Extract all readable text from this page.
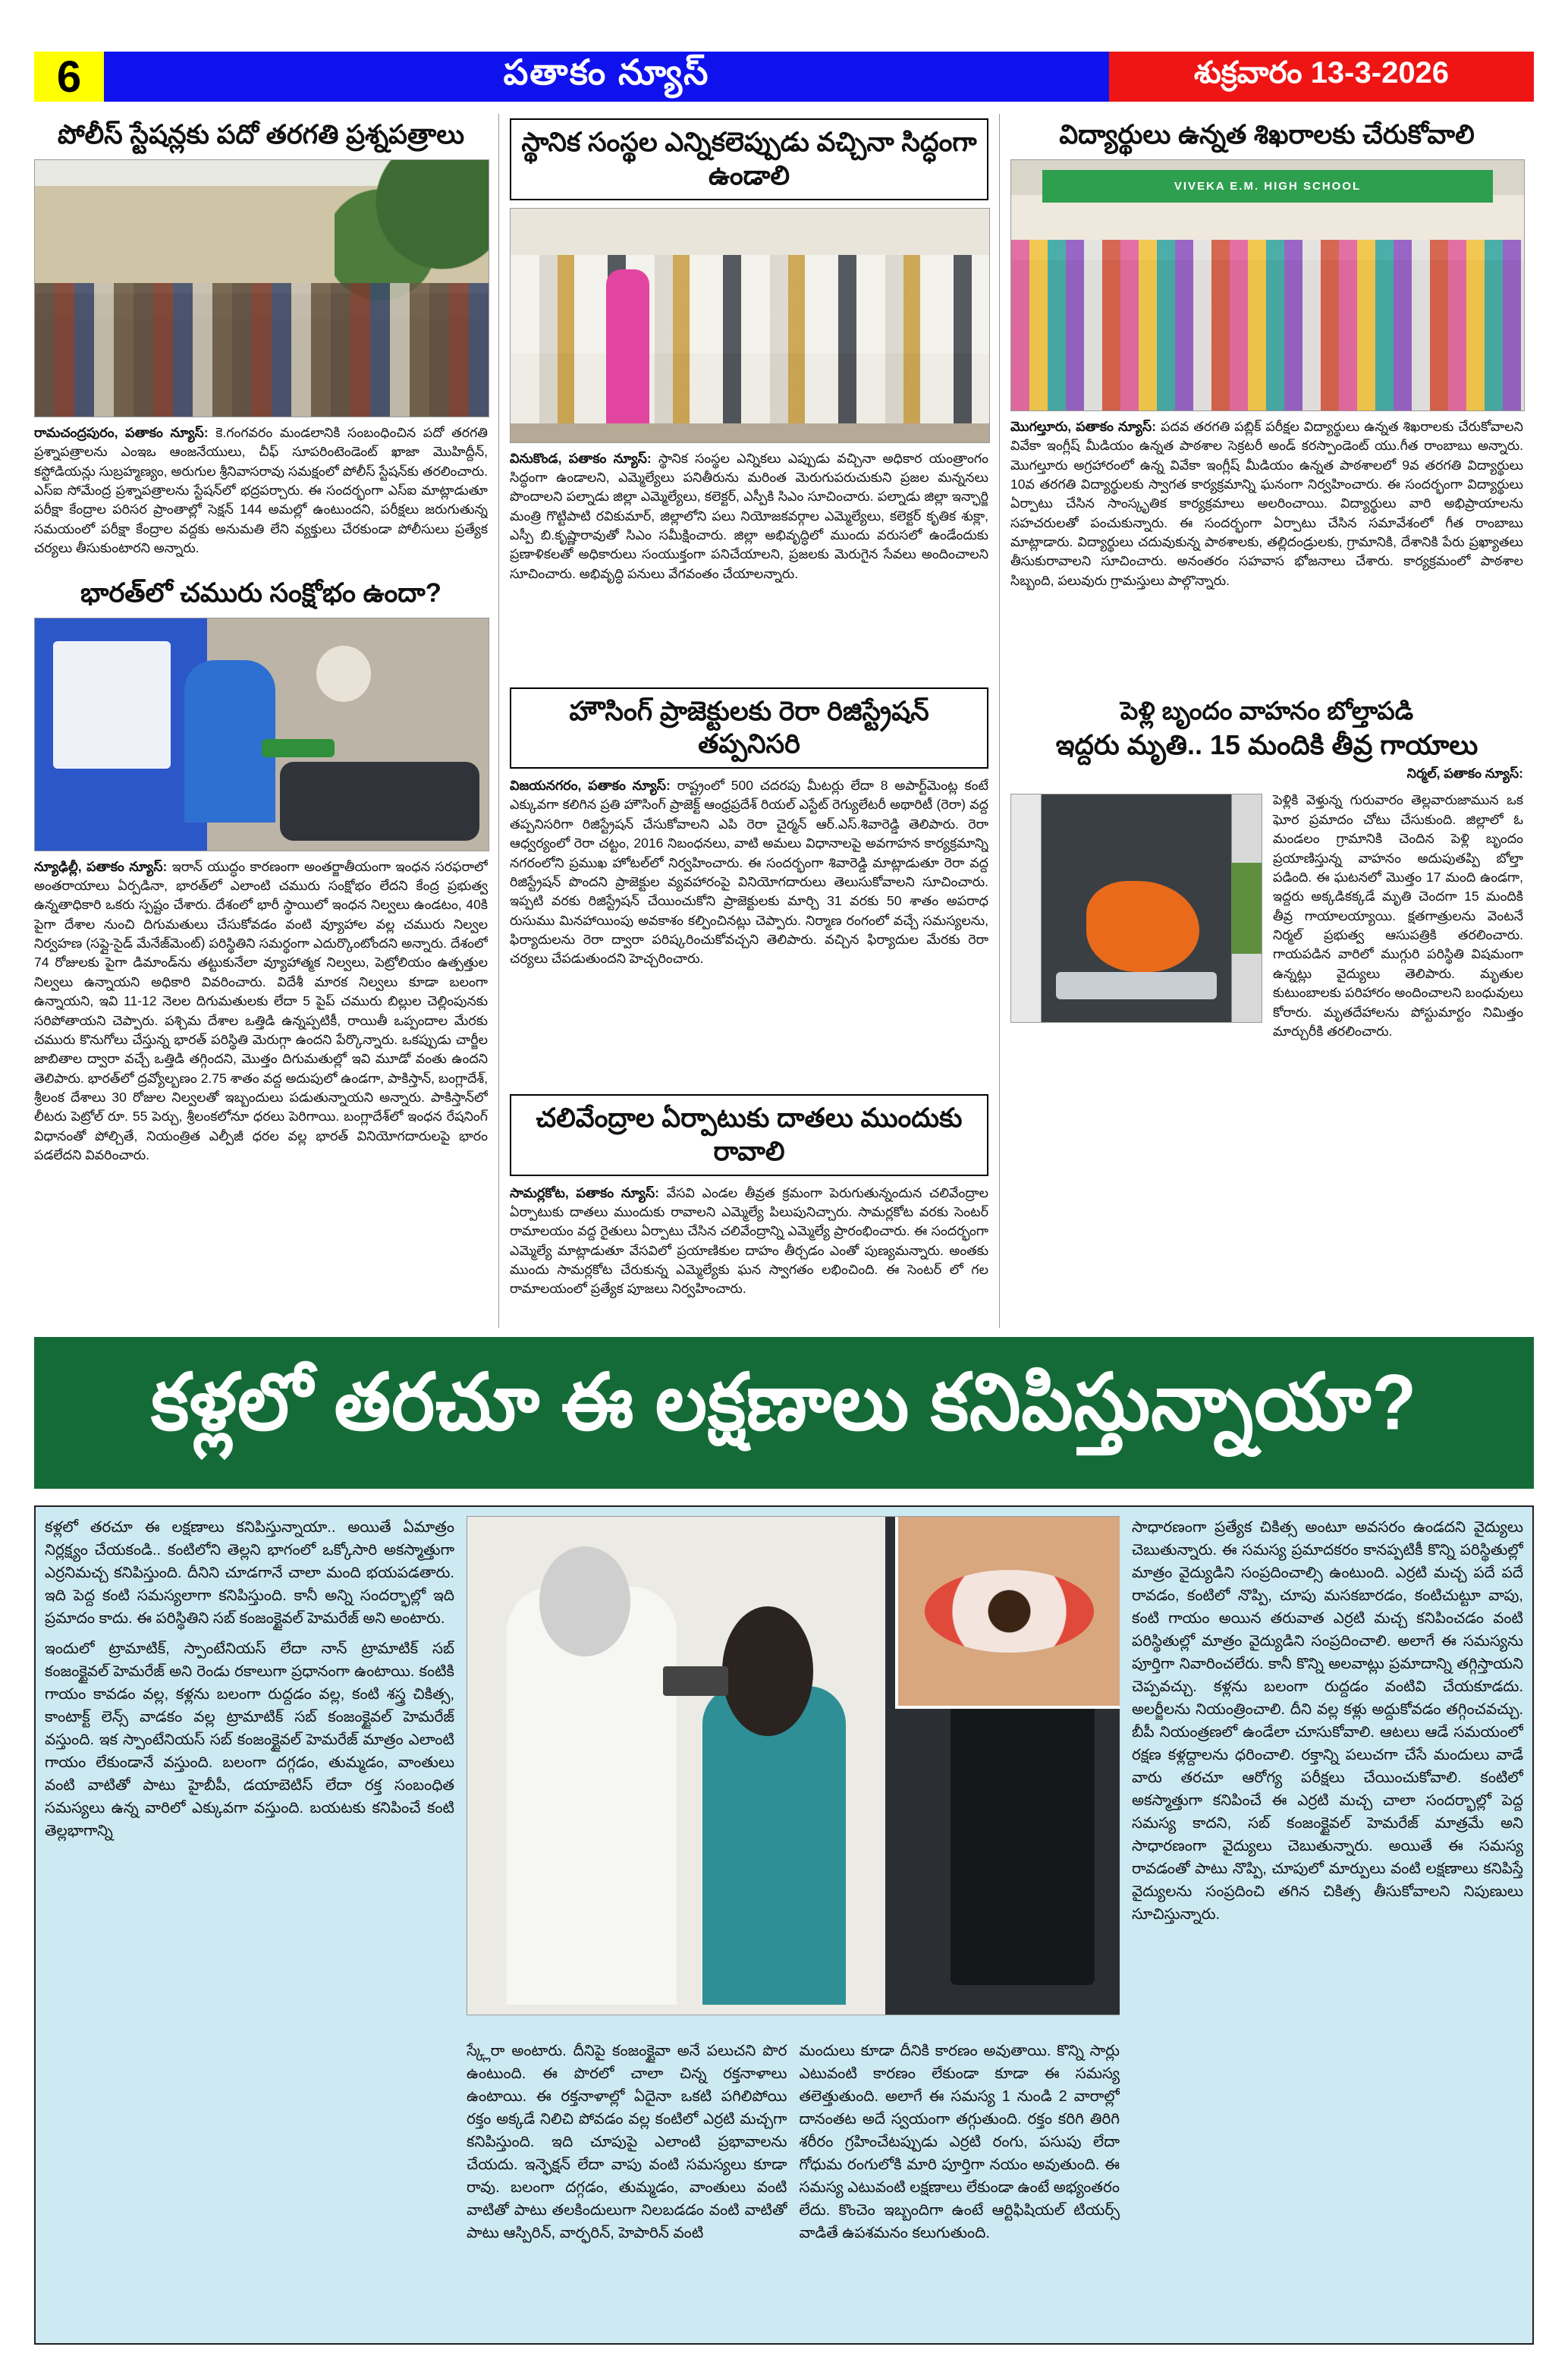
6	పతాకం న్యూస్	శుక్రవారం 13-3-2026
పోలీస్ స్టేషన్లకు పదో తరగతి ప్రశ్నపత్రాలు

రామచంద్రపురం, పతాకం న్యూస్: కె.గంగవరం మండలానికి సంబంధించిన పదో తరగతి ప్రశ్నాపత్రాలను ఎంఇఒ ఆంజనేయులు, చీఫ్ సూపరింటెండెంట్ ఖాజా మొహిద్దీన్, కస్టోడియన్లు సుబ్రహ్మణ్యం, అరుగుల శ్రీనివాసరావు సమక్షంలో పోలీస్ స్టేషన్‌కు తరలించారు. ఎస్ఐ సోమేంద్ర ప్రశ్నాపత్రాలను స్టేషన్‌లో భద్రపర్చారు. ఈ సందర్భంగా ఎస్ఐ మాట్లాడుతూ పరీక్షా కేంద్రాల పరిసర ప్రాంతాల్లో సెక్షన్ 144 అమల్లో ఉంటుందని, పరీక్షలు జరుగుతున్న సమయంలో పరీక్షా కేంద్రాల వద్దకు అనుమతి లేని వ్యక్తులు చేరకుండా పోలీసులు ప్రత్యేక చర్యలు తీసుకుంటారని అన్నారు.

భారత్‌లో చమురు సంక్షోభం ఉందా?

న్యూఢిల్లీ, పతాకం న్యూస్: ఇరాన్ యుద్ధం కారణంగా అంతర్జాతీయంగా ఇంధన సరఫరాలో అంతరాయాలు ఏర్పడినా, భారత్‌లో ఎలాంటి చమురు సంక్షోభం లేదని కేంద్ర ప్రభుత్వ ఉన్నతాధికారి ఒకరు స్పష్టం చేశారు. దేశంలో భారీ స్థాయిలో ఇంధన నిల్వలు ఉండటం, 40కి పైగా దేశాల నుంచి దిగుమతులు చేసుకోవడం వంటి వ్యూహాల వల్ల చమురు నిల్వల నిర్వహణ (సప్లై-సైడ్ మేనేజ్‌మెంట్) పరిస్థితిని సమర్థంగా ఎదుర్కొంటోందని అన్నారు. దేశంలో 74 రోజులకు పైగా డిమాండ్‌ను తట్టుకునేలా వ్యూహాత్మక నిల్వలు, పెట్రోలియం ఉత్పత్తుల నిల్వలు ఉన్నాయని అధికారి వివరించారు. విదేశీ మారక నిల్వలు కూడా బలంగా ఉన్నాయని, ఇవి 11-12 నెలల దిగుమతులకు లేదా 5 పైప్ చమురు బిల్లుల చెల్లింపునకు సరిపోతాయని చెప్పారు. పశ్చిమ దేశాల ఒత్తిడి ఉన్నప్పటికీ, రాయితీ ఒప్పందాల మేరకు చమురు కొనుగోలు చేస్తున్న భారత్ పరిస్థితి మెరుగ్గా ఉందని పేర్కొన్నారు. ఒకప్పుడు చార్జీల జాబితాల ద్వారా వచ్చే ఒత్తిడి తగ్గిందని, మొత్తం దిగుమతుల్లో ఇవి మూడో వంతు ఉందని తెలిపారు. భారత్‌లో ద్రవ్యోల్బణం 2.75 శాతం వద్ద అదుపులో ఉండగా, పాకిస్తాన్, బంగ్లాదేశ్, శ్రీలంక దేశాలు 30 రోజుల నిల్వలతో ఇబ్బందులు పడుతున్నాయని అన్నారు. పాకిస్తాన్‌లో లీటరు పెట్రోల్ రూ. 55 పెర్చు, శ్రీలంకలోనూ ధరలు పెరిగాయి. బంగ్లాదేశ్‌లో ఇంధన రేషనింగ్ విధానంతో పోల్చితే, నియంత్రిత ఎల్పీజీ ధరల వల్ల భారత్ వినియోగదారులపై భారం పడలేదని వివరించారు.

స్థానిక సంస్థల ఎన్నికలెప్పుడు వచ్చినా సిద్ధంగా ఉండాలి

వినుకొండ, పతాకం న్యూస్: స్థానిక సంస్థల ఎన్నికలు ఎప్పుడు వచ్చినా అధికార యంత్రాంగం సిద్ధంగా ఉండాలని, ఎమ్మెల్యేలు పనితీరును మరింత మెరుగుపరుచుకుని ప్రజల మన్ననలు పొందాలని పల్నాడు జిల్లా ఎమ్మెల్యేలు, కలెక్టర్, ఎస్పీకి సిఎం సూచించారు. పల్నాడు జిల్లా ఇన్ఛార్జి మంత్రి గొట్టిపాటి రవికుమార్, జిల్లాలోని పలు నియోజకవర్గాల ఎమ్మెల్యేలు, కలెక్టర్ కృతిక శుక్లా, ఎస్పీ బి.కృష్ణారావుతో సిఎం సమీక్షించారు. జిల్లా అభివృద్ధిలో ముందు వరుసలో ఉండేందుకు ప్రణాళికలతో అధికారులు సంయుక్తంగా పనిచేయాలని, ప్రజలకు మెరుగైన సేవలు అందించాలని సూచించారు. అభివృద్ధి పనులు వేగవంతం చేయాలన్నారు.

హౌసింగ్ ప్రాజెక్టులకు రెరా రిజిస్ట్రేషన్ తప్పనిసరి

విజయనగరం, పతాకం న్యూస్: రాష్ట్రంలో 500 చదరపు మీటర్లు లేదా 8 అపార్ట్‌మెంట్ల కంటే ఎక్కువగా కలిగిన ప్రతి హౌసింగ్ ప్రాజెక్ట్ ఆంధ్రప్రదేశ్ రియల్ ఎస్టేట్ రెగ్యులేటరీ అథారిటీ (రెరా) వద్ద తప్పనిసరిగా రిజిస్ట్రేషన్ చేసుకోవాలని ఎపి రెరా చైర్మన్ ఆర్.ఎస్.శివారెడ్డి తెలిపారు. రెరా ఆధ్వర్యంలో రెరా చట్టం, 2016 నిబంధనలు, వాటి అమలు విధానాలపై అవగాహన కార్యక్రమాన్ని నగరంలోని ప్రముఖ హోటల్‌లో నిర్వహించారు. ఈ సందర్భంగా శివారెడ్డి మాట్లాడుతూ రెరా వద్ద రిజిస్ట్రేషన్ పొందని ప్రాజెక్టుల వ్యవహారంపై వినియోగదారులు తెలుసుకోవాలని సూచించారు. ఇప్పటి వరకు రిజిస్ట్రేషన్ చేయించుకోని ప్రాజెక్టులకు మార్చి 31 వరకు 50 శాతం అపరాధ రుసుము మినహాయింపు అవకాశం కల్పించినట్లు చెప్పారు. నిర్మాణ రంగంలో వచ్చే సమస్యలను, ఫిర్యాదులను రెరా ద్వారా పరిష్కరించుకోవచ్చని తెలిపారు. వచ్చిన ఫిర్యాదుల మేరకు రెరా చర్యలు చేపడుతుందని హెచ్చరించారు.

చలివేంద్రాల ఏర్పాటుకు దాతలు ముందుకు రావాలి

సామర్లకోట, పతాకం న్యూస్: వేసవి ఎండల తీవ్రత క్రమంగా పెరుగుతున్నందున చలివేంద్రాల ఏర్పాటుకు దాతలు ముందుకు రావాలని ఎమ్మెల్యే పిలుపునిచ్చారు. సామర్లకోట వరకు సెంటర్ రామాలయం వద్ద రైతులు ఏర్పాటు చేసిన చలివేంద్రాన్ని ఎమ్మెల్యే ప్రారంభించారు. ఈ సందర్భంగా ఎమ్మెల్యే మాట్లాడుతూ వేసవిలో ప్రయాణికుల దాహం తీర్చడం ఎంతో పుణ్యమన్నారు. అంతకు ముందు సామర్లకోట చేరుకున్న ఎమ్మెల్యేకు ఘన స్వాగతం లభించింది. ఈ సెంటర్ లో గల రామాలయంలో ప్రత్యేక పూజలు నిర్వహించారు.

విద్యార్థులు ఉన్నత శిఖరాలకు చేరుకోవాలి
VIVEKA E.M. HIGH SCHOOL

మొగల్తూరు, పతాకం న్యూస్: పదవ తరగతి పబ్లిక్ పరీక్షల విద్యార్థులు ఉన్నత శిఖరాలకు చేరుకోవాలని వివేకా ఇంగ్లీష్ మీడియం ఉన్నత పాఠశాల సెక్రటరీ అండ్ కరస్పాండెంట్ యు.గీత రాంబాబు అన్నారు. మొగల్తూరు అగ్రహారంలో ఉన్న వివేకా ఇంగ్లీష్ మీడియం ఉన్నత పాఠశాలలో 9వ తరగతి విద్యార్థులు 10వ తరగతి విద్యార్థులకు స్వాగత కార్యక్రమాన్ని ఘనంగా నిర్వహించారు. ఈ సందర్భంగా విద్యార్థులు ఏర్పాటు చేసిన సాంస్కృతిక కార్యక్రమాలు అలరించాయి. విద్యార్థులు వారి అభిప్రాయాలను సహచరులతో పంచుకున్నారు. ఈ సందర్భంగా ఏర్పాటు చేసిన సమావేశంలో గీత రాంబాబు మాట్లాడారు. విద్యార్థులు చదువుకున్న పాఠశాలకు, తల్లిదండ్రులకు, గ్రామానికి, దేశానికి పేరు ప్రఖ్యాతలు తీసుకురావాలని సూచించారు. అనంతరం సహవాస భోజనాలు చేశారు. కార్యక్రమంలో పాఠశాల సిబ్బంది, పలువురు గ్రామస్తులు పాల్గొన్నారు.

పెళ్లి బృందం వాహనం బోల్తాపడి
ఇద్దరు మృతి.. 15 మందికి తీవ్ర గాయాలు
నిర్మల్, పతాకం న్యూస్:
పెళ్లికి వెళ్తున్న గురువారం తెల్లవారుజామున ఒక ఘోర ప్రమాదం చోటు చేసుకుంది. జిల్లాలో ఓ మండలం గ్రామానికి చెందిన పెళ్లి బృందం ప్రయాణిస్తున్న వాహనం అదుపుతప్పి బోల్తా పడింది. ఈ ఘటనలో మొత్తం 17 మంది ఉండగా, ఇద్దరు అక్కడికక్కడే మృతి చెందగా 15 మందికి తీవ్ర గాయాలయ్యాయి. క్షతగాత్రులను వెంటనే నిర్మల్ ప్రభుత్వ ఆసుపత్రికి తరలించారు. గాయపడిన వారిలో ముగ్గురి పరిస్థితి విషమంగా ఉన్నట్లు వైద్యులు తెలిపారు. మృతుల కుటుంబాలకు పరిహారం అందించాలని బంధువులు కోరారు. మృతదేహాలను పోస్టుమార్టం నిమిత్తం మార్చురీకి తరలించారు.
కళ్లలో తరచూ ఈ లక్షణాలు కనిపిస్తున్నాయా?

కళ్లలో తరచూ ఈ లక్షణాలు కనిపిస్తున్నాయా.. అయితే ఏమాత్రం నిర్లక్ష్యం చేయకండి.. కంటిలోని తెల్లని భాగంలో ఒక్కోసారి అకస్మాత్తుగా ఎర్రనిమచ్చ కనిపిస్తుంది. దీనిని చూడగానే చాలా మంది భయపడతారు. ఇది పెద్ద కంటి సమస్యలాగా కనిపిస్తుంది. కానీ అన్ని సందర్భాల్లో ఇది ప్రమాదం కాదు. ఈ పరిస్థితిని సబ్ కంజంక్టైవల్ హెమరేజ్ అని అంటారు.

ఇందులో ట్రామాటిక్, స్పాంటేనియస్ లేదా నాన్ ట్రామాటిక్ సబ్ కంజంక్టైవల్ హెమరేజ్ అని రెండు రకాలుగా ప్రధానంగా ఉంటాయి. కంటికి గాయం కావడం వల్ల, కళ్లను బలంగా రుద్దడం వల్ల, కంటి శస్త్ర చికిత్స, కాంటాక్ట్ లెన్స్ వాడకం వల్ల ట్రామాటిక్ సబ్ కంజంక్టైవల్ హెమరేజ్ వస్తుంది. ఇక స్పాంటేనియస్ సబ్ కంజంక్టైవల్ హెమరేజ్ మాత్రం ఎలాంటి గాయం లేకుండానే వస్తుంది. బలంగా దగ్గడం, తుమ్మడం, వాంతులు వంటి వాటితో పాటు హైబీపీ, డయాబెటిస్ లేదా రక్త సంబంధిత సమస్యలు ఉన్న వారిలో ఎక్కువగా వస్తుంది. బయటకు కనిపించే కంటి తెల్లభాగాన్ని

స్క్లేరా అంటారు. దీనిపై కంజంక్టైవా అనే పలుచని పొర ఉంటుంది. ఈ పొరలో చాలా చిన్న రక్తనాళాలు ఉంటాయి. ఈ రక్తనాళాల్లో ఏదైనా ఒకటి పగిలిపోయి రక్తం అక్కడే నిలిచి పోవడం వల్ల కంటిలో ఎర్రటి మచ్చగా కనిపిస్తుంది. ఇది చూపుపై ఎలాంటి ప్రభావాలను చేయదు. ఇన్ఫెక్షన్ లేదా వాపు వంటి సమస్యలు కూడా రావు. బలంగా దగ్గడం, తుమ్మడం, వాంతులు వంటి వాటితో పాటు తలకిందులుగా నిలబడడం వంటి వాటితో పాటు ఆస్పిరిన్, వార్ఫరిన్, హెపారిన్ వంటి

మందులు కూడా దీనికి కారణం అవుతాయి. కొన్ని సార్లు ఎటువంటి కారణం లేకుండా కూడా ఈ సమస్య తలెత్తుతుంది. అలాగే ఈ సమస్య 1 నుండి 2 వారాల్లో దానంతట అదే స్వయంగా తగ్గుతుంది. రక్తం కరిగి తిరిగి శరీరం గ్రహించేటప్పుడు ఎర్రటి రంగు, పసుపు లేదా గోధుమ రంగులోకి మారి పూర్తిగా నయం అవుతుంది. ఈ సమస్య ఎటువంటి లక్షణాలు లేకుండా ఉంటే అభ్యంతరం లేదు. కొంచెం ఇబ్బందిగా ఉంటే ఆర్టిఫిషియల్ టియర్స్ వాడితే ఉపశమనం కలుగుతుంది.

సాధారణంగా ప్రత్యేక చికిత్స అంటూ అవసరం ఉండదని వైద్యులు చెబుతున్నారు. ఈ సమస్య ప్రమాదకరం కానప్పటికీ కొన్ని పరిస్థితుల్లో మాత్రం వైద్యుడిని సంప్రదించాల్సి ఉంటుంది. ఎర్రటి మచ్చ పదే పదే రావడం, కంటిలో నొప్పి, చూపు మసకబారడం, కంటిచుట్టూ వాపు, కంటి గాయం అయిన తరువాత ఎర్రటి మచ్చ కనిపించడం వంటి పరిస్థితుల్లో మాత్రం వైద్యుడిని సంప్రదించాలి. అలాగే ఈ సమస్యను పూర్తిగా నివారించలేరు. కానీ కొన్ని అలవాట్లు ప్రమాదాన్ని తగ్గిస్తాయని చెప్పవచ్చు. కళ్లను బలంగా రుద్దడం వంటివి చేయకూడదు. అలర్జీలను నియంత్రించాలి. దీని వల్ల కళ్లు అద్దుకోవడం తగ్గించవచ్చు. బీపీ నియంత్రణలో ఉండేలా చూసుకోవాలి. ఆటలు ఆడే సమయంలో రక్షణ కళ్లద్దాలను ధరించాలి. రక్తాన్ని పలుచగా చేసే మందులు వాడే వారు తరచూ ఆరోగ్య పరీక్షలు చేయించుకోవాలి. కంటిలో అకస్మాత్తుగా కనిపించే ఈ ఎర్రటి మచ్చ చాలా సందర్భాల్లో పెద్ద సమస్య కాదని, సబ్ కంజంక్టైవల్ హెమరేజ్ మాత్రమే అని సాధారణంగా వైద్యులు చెబుతున్నారు. అయితే ఈ సమస్య రావడంతో పాటు నొప్పి, చూపులో మార్పులు వంటి లక్షణాలు కనిపిస్తే వైద్యులను సంప్రదించి తగిన చికిత్స తీసుకోవాలని నిపుణులు సూచిస్తున్నారు.
